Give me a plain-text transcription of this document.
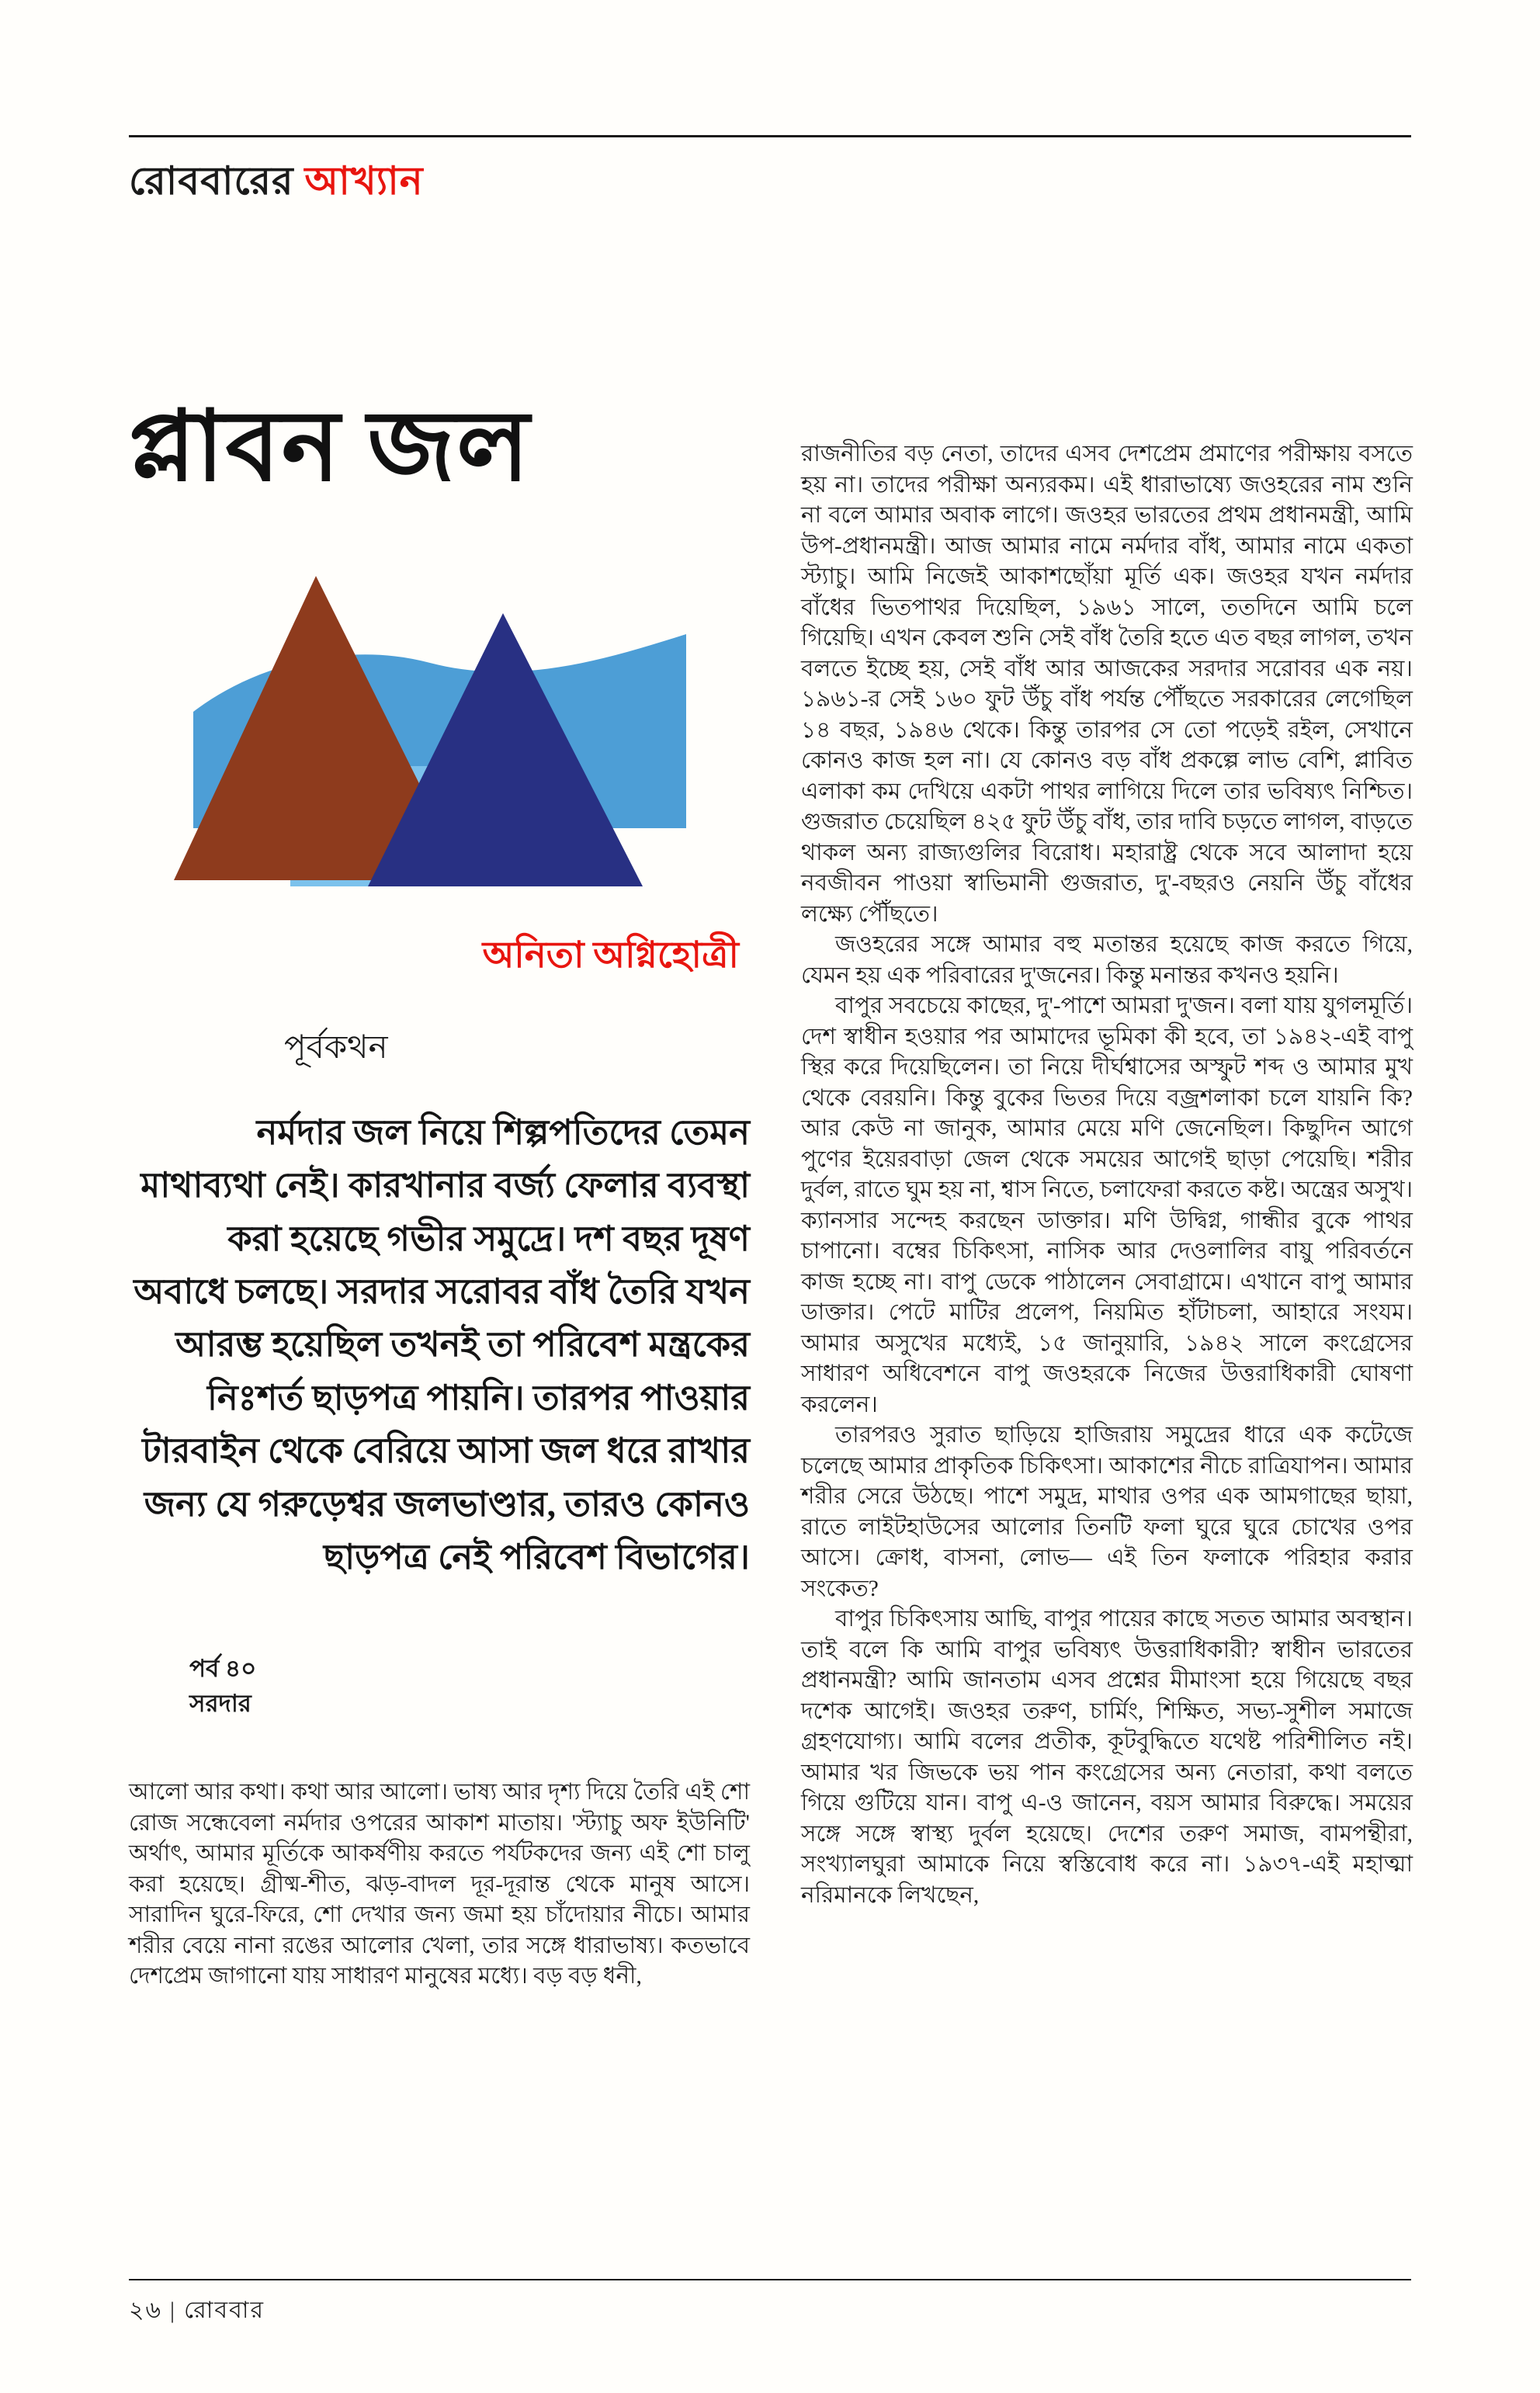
রোববারের আখ্যান
প্লাবন জল
অনিতা অগ্নিহোত্রী
পূর্বকথন
নর্মদার জল নিয়ে শিল্পপতিদের তেমন মাথাব্যথা নেই। কারখানার বর্জ্য ফেলার ব্যবস্থা করা হয়েছে গভীর সমুদ্রে। দশ বছর দূষণ অবাধে চলছে। সরদার সরোবর বাঁধ তৈরি যখন আরম্ভ হয়েছিল তখনই তা পরিবেশ মন্ত্রকের নিঃশর্ত ছাড়পত্র পায়নি। তারপর পাওয়ার টারবাইন থেকে বেরিয়ে আসা জল ধরে রাখার জন্য যে গরুড়েশ্বর জলভাণ্ডার, তারও কোনও ছাড়পত্র নেই পরিবেশ বিভাগের।
পর্ব ৪০
সরদার
আলো আর কথা। কথা আর আলো। ভাষ্য আর দৃশ্য দিয়ে তৈরি এই শো রোজ সন্ধেবেলা নর্মদার ওপরের আকাশ মাতায়। 'স্ট্যাচু অফ ইউনিটি' অর্থাৎ, আমার মূর্তিকে আকর্ষণীয় করতে পর্যটকদের জন্য এই শো চালু করা হয়েছে। গ্রীষ্ম-শীত, ঝড়-বাদল দূর-দূরান্ত থেকে মানুষ আসে। সারাদিন ঘুরে-ফিরে, শো দেখার জন্য জমা হয় চাঁদোয়ার নীচে। আমার শরীর বেয়ে নানা রঙের আলোর খেলা, তার সঙ্গে ধারাভাষ্য। কতভাবে দেশপ্রেম জাগানো যায় সাধারণ মানুষের মধ্যে। বড় বড় ধনী,

রাজনীতির বড় নেতা, তাদের এসব দেশপ্রেম প্রমাণের পরীক্ষায় বসতে হয় না। তাদের পরীক্ষা অন্যরকম। এই ধারাভাষ্যে জওহরের নাম শুনি না বলে আমার অবাক লাগে। জওহর ভারতের প্রথম প্রধানমন্ত্রী, আমি উপ-প্রধানমন্ত্রী। আজ আমার নামে নর্মদার বাঁধ, আমার নামে একতা স্ট্যাচু। আমি নিজেই আকাশছোঁয়া মূর্তি এক। জওহর যখন নর্মদার বাঁধের ভিতপাথর দিয়েছিল, ১৯৬১ সালে, ততদিনে আমি চলে গিয়েছি। এখন কেবল শুনি সেই বাঁধ তৈরি হতে এত বছর লাগল, তখন বলতে ইচ্ছে হয়, সেই বাঁধ আর আজকের সরদার সরোবর এক নয়। ১৯৬১-র সেই ১৬০ ফুট উঁচু বাঁধ পর্যন্ত পৌঁছতে সরকারের লেগেছিল ১৪ বছর, ১৯৪৬ থেকে। কিন্তু তারপর সে তো পড়েই রইল, সেখানে কোনও কাজ হল না। যে কোনও বড় বাঁধ প্রকল্পে লাভ বেশি, প্লাবিত এলাকা কম দেখিয়ে একটা পাথর লাগিয়ে দিলে তার ভবিষ্যৎ নিশ্চিত। গুজরাত চেয়েছিল ৪২৫ ফুট উঁচু বাঁধ, তার দাবি চড়তে লাগল, বাড়তে থাকল অন্য রাজ্যগুলির বিরোধ। মহারাষ্ট্র থেকে সবে আলাদা হয়ে নবজীবন পাওয়া স্বাভিমানী গুজরাত, দু'-বছরও নেয়নি উঁচু বাঁধের লক্ষ্যে পৌঁছতে।

জওহরের সঙ্গে আমার বহু মতান্তর হয়েছে কাজ করতে গিয়ে, যেমন হয় এক পরিবারের দু'জনের। কিন্তু মনান্তর কখনও হয়নি।

বাপুর সবচেয়ে কাছের, দু'-পাশে আমরা দু'জন। বলা যায় যুগলমূর্তি। দেশ স্বাধীন হওয়ার পর আমাদের ভূমিকা কী হবে, তা ১৯৪২-এই বাপু স্থির করে দিয়েছিলেন। তা নিয়ে দীর্ঘশ্বাসের অস্ফুট শব্দ ও আমার মুখ থেকে বেরয়নি। কিন্তু বুকের ভিতর দিয়ে বজ্রশলাকা চলে যায়নি কি? আর কেউ না জানুক, আমার মেয়ে মণি জেনেছিল। কিছুদিন আগে পুণের ইয়েরবাড়া জেল থেকে সময়ের আগেই ছাড়া পেয়েছি। শরীর দুর্বল, রাতে ঘুম হয় না, শ্বাস নিতে, চলাফেরা করতে কষ্ট। অন্ত্রের অসুখ। ক্যানসার সন্দেহ করছেন ডাক্তার। মণি উদ্বিগ্ন, গান্ধীর বুকে পাথর চাপানো। বম্বের চিকিৎসা, নাসিক আর দেওলালির বায়ু পরিবর্তনে কাজ হচ্ছে না। বাপু ডেকে পাঠালেন সেবাগ্রামে। এখানে বাপু আমার ডাক্তার। পেটে মাটির প্রলেপ, নিয়মিত হাঁটাচলা, আহারে সংযম। আমার অসুখের মধ্যেই, ১৫ জানুয়ারি, ১৯৪২ সালে কংগ্রেসের সাধারণ অধিবেশনে বাপু জওহরকে নিজের উত্তরাধিকারী ঘোষণা করলেন।

তারপরও সুরাত ছাড়িয়ে হাজিরায় সমুদ্রের ধারে এক কটেজে চলেছে আমার প্রাকৃতিক চিকিৎসা। আকাশের নীচে রাত্রিযাপন। আমার শরীর সেরে উঠছে। পাশে সমুদ্র, মাথার ওপর এক আমগাছের ছায়া, রাতে লাইটহাউসের আলোর তিনটি ফলা ঘুরে ঘুরে চোখের ওপর আসে। ক্রোধ, বাসনা, লোভ— এই তিন ফলাকে পরিহার করার সংকেত?

বাপুর চিকিৎসায় আছি, বাপুর পায়ের কাছে সতত আমার অবস্থান। তাই বলে কি আমি বাপুর ভবিষ্যৎ উত্তরাধিকারী? স্বাধীন ভারতের প্রধানমন্ত্রী? আমি জানতাম এসব প্রশ্নের মীমাংসা হয়ে গিয়েছে বছর দশেক আগেই। জওহর তরুণ, চার্মিং, শিক্ষিত, সভ্য-সুশীল সমাজে গ্রহণযোগ্য। আমি বলের প্রতীক, কূটবুদ্ধিতে যথেষ্ট পরিশীলিত নই। আমার খর জিভকে ভয় পান কংগ্রেসের অন্য নেতারা, কথা বলতে গিয়ে গুটিয়ে যান। বাপু এ-ও জানেন, বয়স আমার বিরুদ্ধে। সময়ের সঙ্গে সঙ্গে স্বাস্থ্য দুর্বল হয়েছে। দেশের তরুণ সমাজ, বামপন্থীরা, সংখ্যালঘুরা আমাকে নিয়ে স্বস্তিবোধ করে না। ১৯৩৭-এই মহাত্মা নরিমানকে লিখছেন,

২৬ | রোববার
